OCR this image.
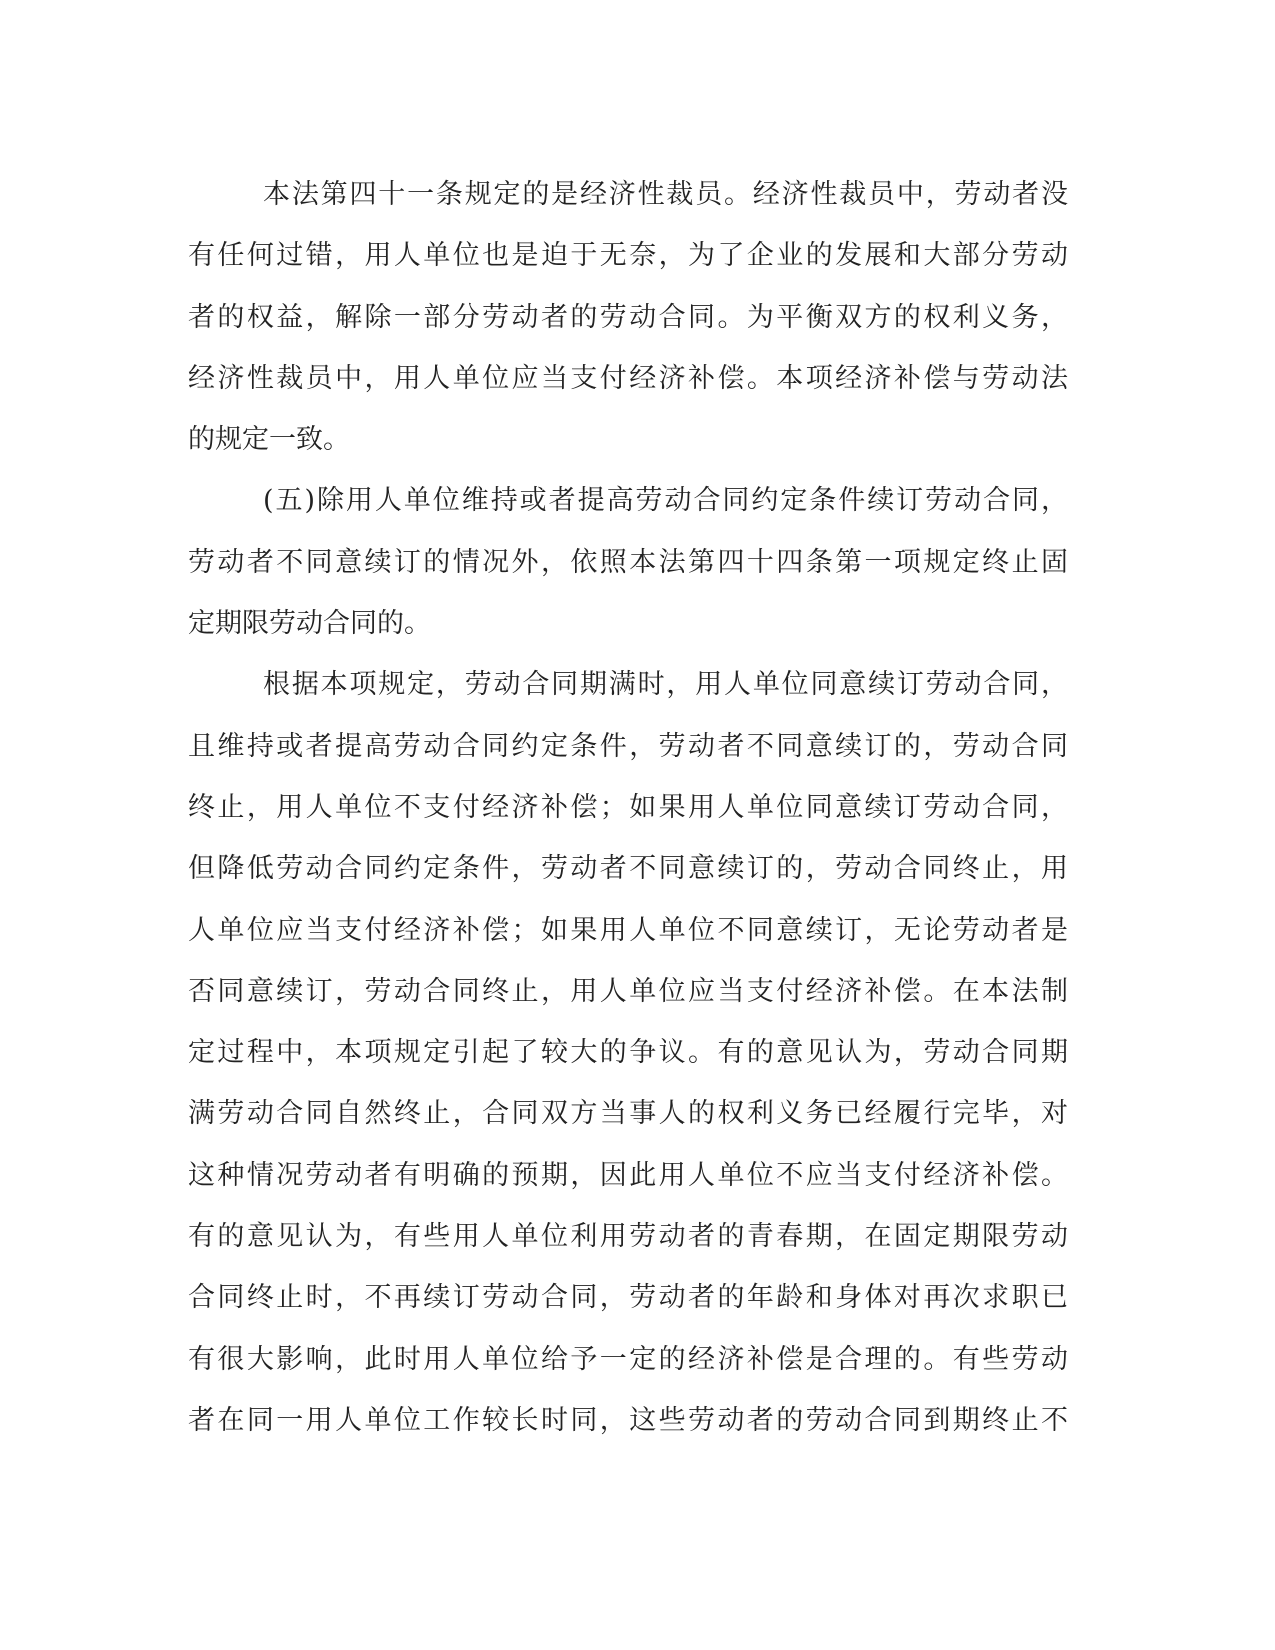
本法第四十一条规定的是经济性裁员。经济性裁员中，劳动者没
有任何过错，用人单位也是迫于无奈，为了企业的发展和大部分劳动
者的权益，解除一部分劳动者的劳动合同。为平衡双方的权利义务，
经济性裁员中，用人单位应当支付经济补偿。本项经济补偿与劳动法
的规定一致。
(五)除用人单位维持或者提高劳动合同约定条件续订劳动合同，
劳动者不同意续订的情况外，依照本法第四十四条第一项规定终止固
定期限劳动合同的。
根据本项规定，劳动合同期满时，用人单位同意续订劳动合同，
且维持或者提高劳动合同约定条件，劳动者不同意续订的，劳动合同
终止，用人单位不支付经济补偿；如果用人单位同意续订劳动合同，
但降低劳动合同约定条件，劳动者不同意续订的，劳动合同终止，用
人单位应当支付经济补偿；如果用人单位不同意续订，无论劳动者是
否同意续订，劳动合同终止，用人单位应当支付经济补偿。在本法制
定过程中，本项规定引起了较大的争议。有的意见认为，劳动合同期
满劳动合同自然终止，合同双方当事人的权利义务已经履行完毕，对
这种情况劳动者有明确的预期，因此用人单位不应当支付经济补偿。
有的意见认为，有些用人单位利用劳动者的青春期，在固定期限劳动
合同终止时，不再续订劳动合同，劳动者的年龄和身体对再次求职已
有很大影响，此时用人单位给予一定的经济补偿是合理的。有些劳动
者在同一用人单位工作较长时同，这些劳动者的劳动合同到期终止不
